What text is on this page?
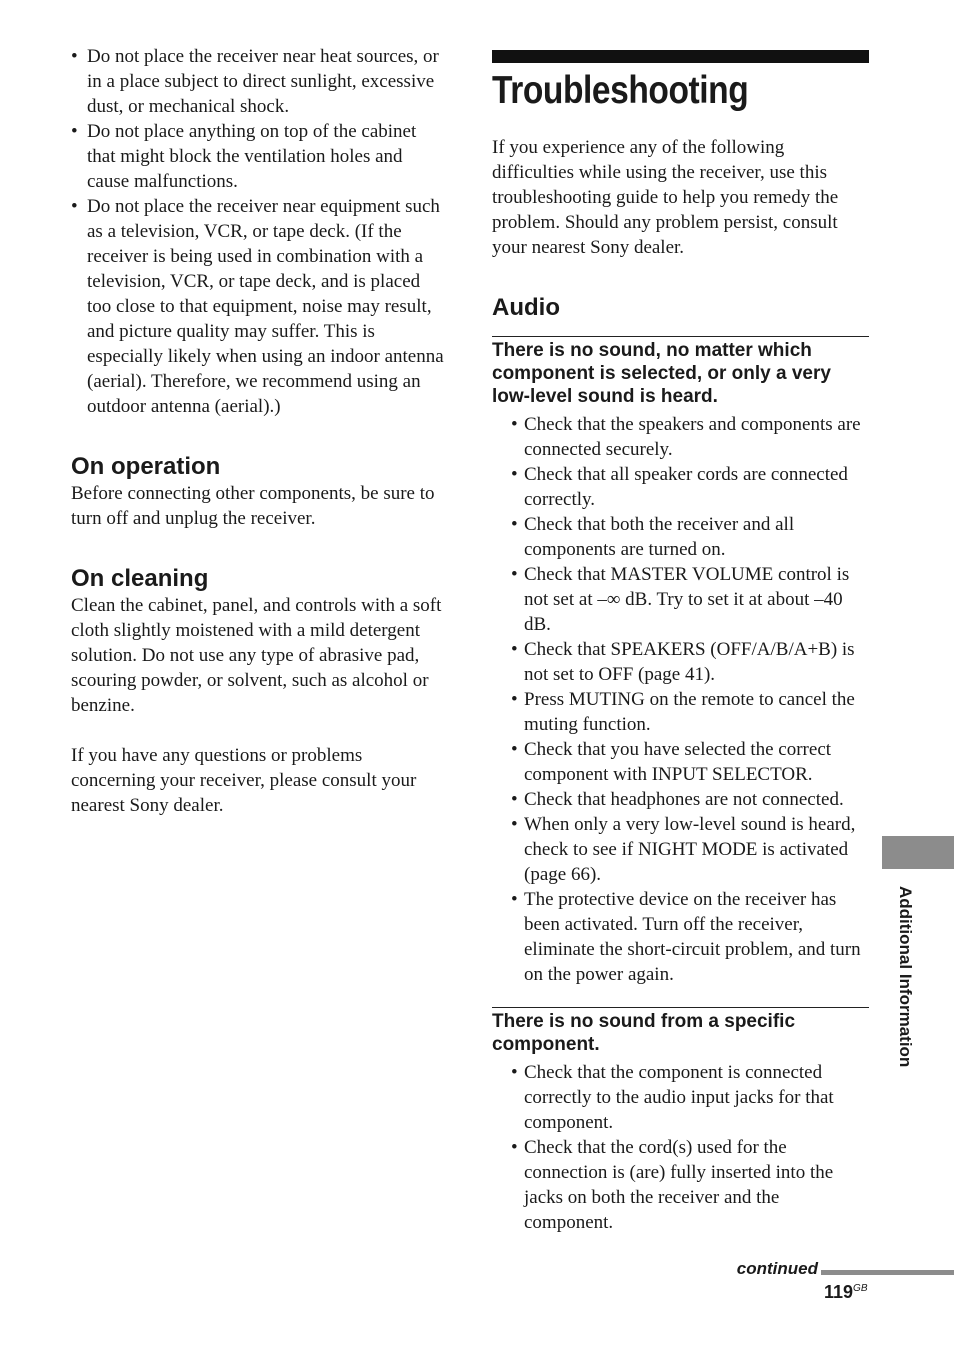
• Do not place the receiver near heat sources, or in a place subject to direct sunlight, excessive dust, or mechanical shock.
• Do not place anything on top of the cabinet that might block the ventilation holes and cause malfunctions.
• Do not place the receiver near equipment such as a television, VCR, or tape deck. (If the receiver is being used in combination with a television, VCR, or tape deck, and is placed too close to that equipment, noise may result, and picture quality may suffer. This is especially likely when using an indoor antenna (aerial). Therefore, we recommend using an outdoor antenna (aerial).)
On operation

Before connecting other components, be sure to turn off and unplug the receiver.

On cleaning

Clean the cabinet, panel, and controls with a soft cloth slightly moistened with a mild detergent solution. Do not use any type of abrasive pad, scouring powder, or solvent, such as alcohol or benzine.

If you have any questions or problems concerning your receiver, please consult your nearest Sony dealer.

Troubleshooting

If you experience any of the following difficulties while using the receiver, use this troubleshooting guide to help you remedy the problem. Should any problem persist, consult your nearest Sony dealer.

Audio
There is no sound, no matter which component is selected, or only a very low-level sound is heard.
• Check that the speakers and components are connected securely.
• Check that all speaker cords are connected correctly.
• Check that both the receiver and all components are turned on.
• Check that MASTER VOLUME control is not set at –∞ dB. Try to set it at about –40 dB.
• Check that SPEAKERS (OFF/A/B/A+B) is not set to OFF (page 41).
• Press MUTING on the remote to cancel the muting function.
• Check that you have selected the correct component with INPUT SELECTOR.
• Check that headphones are not connected.
• When only a very low-level sound is heard, check to see if NIGHT MODE is activated (page 66).
• The protective device on the receiver has been activated. Turn off the receiver, eliminate the short-circuit problem, and turn on the power again.
There is no sound from a specific component.
• Check that the component is connected correctly to the audio input jacks for that component.
• Check that the cord(s) used for the connection is (are) fully inserted into the jacks on both the receiver and the component.
Additional Information
continued
$119^{GB}$
